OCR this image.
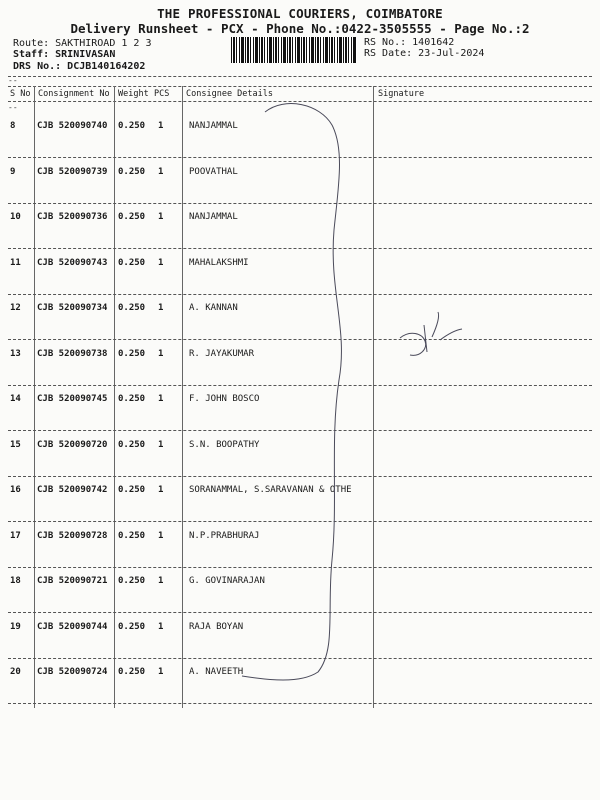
THE PROFESSIONAL COURIERS, COIMBATORE
Delivery Runsheet - PCX - Phone No.:0422-3505555 - Page No.:2
Route: SAKTHIROAD 1 2 3
Staff: SRINIVASAN
DRS No.: DCJB140164202
RS No.: 1401642
RS Date: 23-Jul-2024
--
S No Consignment No Weight PCS Consignee Details	Signature
--
8 CJB 520090740 0.250 1	NANJAMMAL
9 CJB 520090739 0.250 1	POOVATHAL
10 CJB 520090736 0.250 1	NANJAMMAL
11 CJB 520090743 0.250 1	MAHALAKSHMI
12 CJB 520090734 0.250 1	A. KANNAN
13 CJB 520090738 0.250 1	R. JAYAKUMAR
14 CJB 520090745 0.250 1	F. JOHN BOSCO
15 CJB 520090720 0.250 1	S.N. BOOPATHY
16 CJB 520090742 0.250 1	SORANAMMAL, S.SARAVANAN & OTHE
17 CJB 520090728 0.250 1	N.P.PRABHURAJ
18 CJB 520090721 0.250 1	G. GOVINARAJAN
19 CJB 520090744 0.250 1	RAJA BOYAN
20 CJB 520090724 0.250 1	A. NAVEETH
